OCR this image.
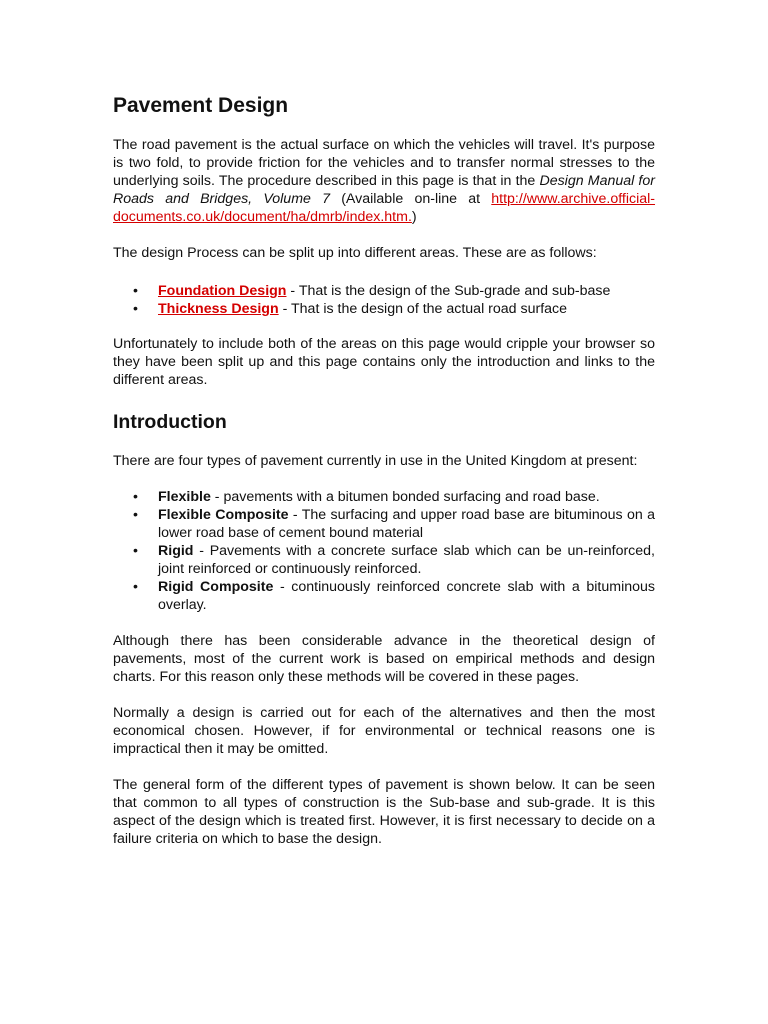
Pavement Design

The road pavement is the actual surface on which the vehicles will travel. It's purpose is two fold, to provide friction for the vehicles and to transfer normal stresses to the underlying soils. The procedure described in this page is that in the Design Manual for Roads and Bridges, Volume 7 (Available on-line at http://www.archive.official-documents.co.uk/document/ha/dmrb/index.htm.)

The design Process can be split up into different areas. These are as follows:

• Foundation Design - That is the design of the Sub-grade and sub-base
• Thickness Design - That is the design of the actual road surface

Unfortunately to include both of the areas on this page would cripple your browser so they have been split up and this page contains only the introduction and links to the different areas.

Introduction

There are four types of pavement currently in use in the United Kingdom at present:

• Flexible - pavements with a bitumen bonded surfacing and road base.
• Flexible Composite - The surfacing and upper road base are bituminous on a lower road base of cement bound material
• Rigid - Pavements with a concrete surface slab which can be un-reinforced, joint reinforced or continuously reinforced.
• Rigid Composite - continuously reinforced concrete slab with a bituminous overlay.

Although there has been considerable advance in the theoretical design of pavements, most of the current work is based on empirical methods and design charts. For this reason only these methods will be covered in these pages.

Normally a design is carried out for each of the alternatives and then the most economical chosen. However, if for environmental or technical reasons one is impractical then it may be omitted.

The general form of the different types of pavement is shown below. It can be seen that common to all types of construction is the Sub-base and sub-grade. It is this aspect of the design which is treated first. However, it is first necessary to decide on a failure criteria on which to base the design.
